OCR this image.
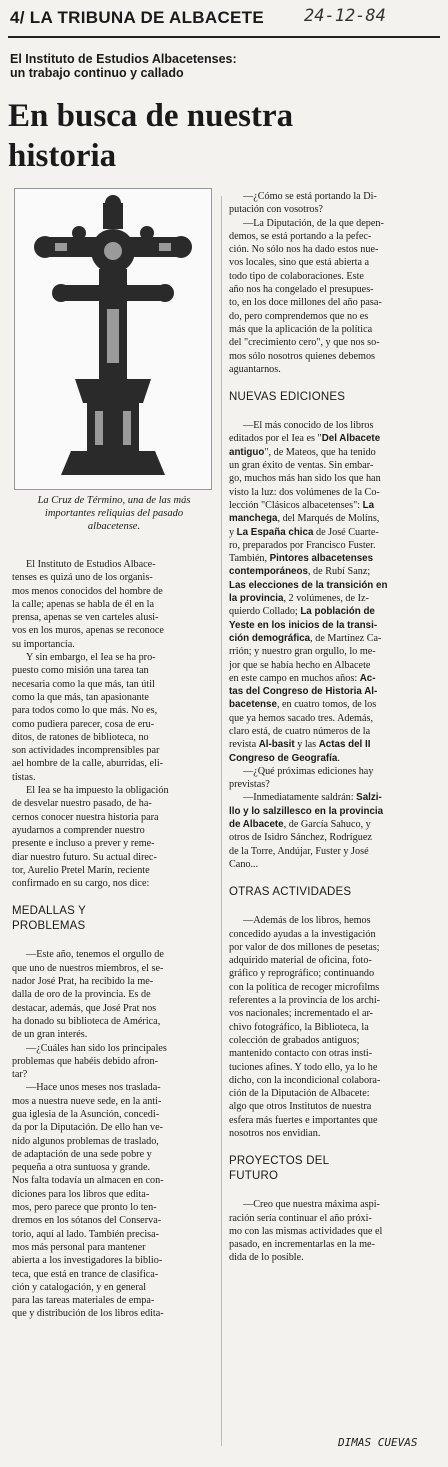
4/ LA TRIBUNA DE ALBACETE 24-12-84
El Instituto de Estudios Albacetenses:
un trabajo continuo y callado
En busca de nuestra
historia
La Cruz de Término, una de las más
importantes reliquias del pasado
albacetense.
El Instituto de Estudios Albace-
tenses es quizá uno de los organis-
mos menos conocidos del hombre de
la calle; apenas se habla de él en la
prensa, apenas se ven carteles alusi-
vos en los muros, apenas se reconoce
su importancia.
Y sin embargo, el Iea se ha pro-
puesto como misión una tarea tan
necesaria como la que más, tan útil
como la que más, tan apasionante
para todos como lo que más. No es,
como pudiera parecer, cosa de eru-
ditos, de ratones de biblioteca, no
son actividades incomprensibles par
ael hombre de la calle, aburridas, eli-
tistas.
El Iea se ha impuesto la obligación
de desvelar nuestro pasado, de ha-
cernos conocer nuestra historia para
ayudarnos a comprender nuestro
presente e incluso a prever y reme-
diar nuestro futuro. Su actual direc-
tor, Aurelio Pretel Marín, reciente
confirmado en su cargo, nos dice:
MEDALLAS Y
PROBLEMAS
—Este año, tenemos el orgullo de
que uno de nuestros miembros, el se-
nador José Prat, ha recibido la me-
dalla de oro de la provincia. Es de
destacar, además, que José Prat nos
ha donado su biblioteca de América,
de un gran interés.
—¿Cuáles han sido los principales
problemas que habéis debido afron-
tar?
—Hace unos meses nos traslada-
mos a nuestra nueve sede, en la anti-
gua iglesia de la Asunción, concedi-
da por la Diputación. De ello han ve-
nido algunos problemas de traslado,
de adaptación de una sede pobre y
pequeña a otra suntuosa y grande.
Nos falta todavía un almacen en con-
diciones para los libros que edita-
mos, pero parece que pronto lo ten-
dremos en los sótanos del Conserva-
torio, aquí al lado. También precisa-
mos más personal para mantener
abierta a los investigadores la biblio-
teca, que está en trance de clasifica-
ción y catalogación, y en general
para las tareas materiales de empa-
que y distribución de los libros edita-
—¿Cómo se está portando la Di-
putación con vosotros?
—La Diputación, de la que depen-
demos, se está portando a la pefec-
ción. No sólo nos ha dado estos nue-
vos locales, sino que está abierta a
todo tipo de colaboraciones. Este
año nos ha congelado el presupues-
to, en los doce millones del año pasa-
do, pero comprendemos que no es
más que la aplicación de la política
del "crecimiento cero", y que nos so-
mos sólo nosotros quienes debemos
aguantarnos.
NUEVAS EDICIONES
—El más conocido de los libros
editados por el Iea es "Del Albacete
antiguo", de Mateos, que ha tenido
un gran éxito de ventas. Sin embar-
go, muchos más han sido los que han
visto la luz: dos volúmenes de la Co-
lección "Clásicos albacetenses": La
manchega, del Marqués de Molíns,
y La España chica de José Cuarte-
ro, preparados por Francisco Fuster.
También, Pintores albacetenses
contemporáneos, de Rubí Sanz;
Las elecciones de la transición en
la provincia, 2 volúmenes, de Iz-
quierdo Collado; La población de
Yeste en los inicios de la transi-
ción demográfica, de Martínez Ca-
rrión; y nuestro gran orgullo, lo me-
jor que se había hecho en Albacete
en este campo en muchos años: Ac-
tas del Congreso de Historia Al-
bacetense, en cuatro tomos, de los
que ya hemos sacado tres. Además,
claro está, de cuatro números de la
revista Al-basit y las Actas del II
Congreso de Geografía.
—¿Qué próximas ediciones hay
previstas?
—Inmediatamente saldrán: Salzi-
llo y lo salzillesco en la provincia
de Albacete, de García Sahuco, y
otros de Isidro Sánchez, Rodríguez
de la Torre, Andújar, Fuster y José
Cano...
OTRAS ACTIVIDADES
—Además de los libros, hemos
concedido ayudas a la investigación
por valor de dos millones de pesetas;
adquirido material de oficina, foto-
gráfico y reprográfico; continuando
con la política de recoger microfilms
referentes a la provincia de los archi-
vos nacionales; incrementado el ar-
chivo fotográfico, la Biblioteca, la
colección de grabados antiguos;
mantenido contacto con otras insti-
tuciones afines. Y todo ello, ya lo he
dicho, con la incondicional colabora-
ción de la Diputación de Albacete:
algo que otros Institutos de nuestra
esfera más fuertes e importantes que
nosotros nos envidian.
PROYECTOS DEL
FUTURO
—Creo que nuestra máxima aspi-
ración sería continuar el año próxi-
mo con las mismas actividades que el
pasado, en incrementarlas en la me-
dida de lo posible.
DIMAS CUEVAS
